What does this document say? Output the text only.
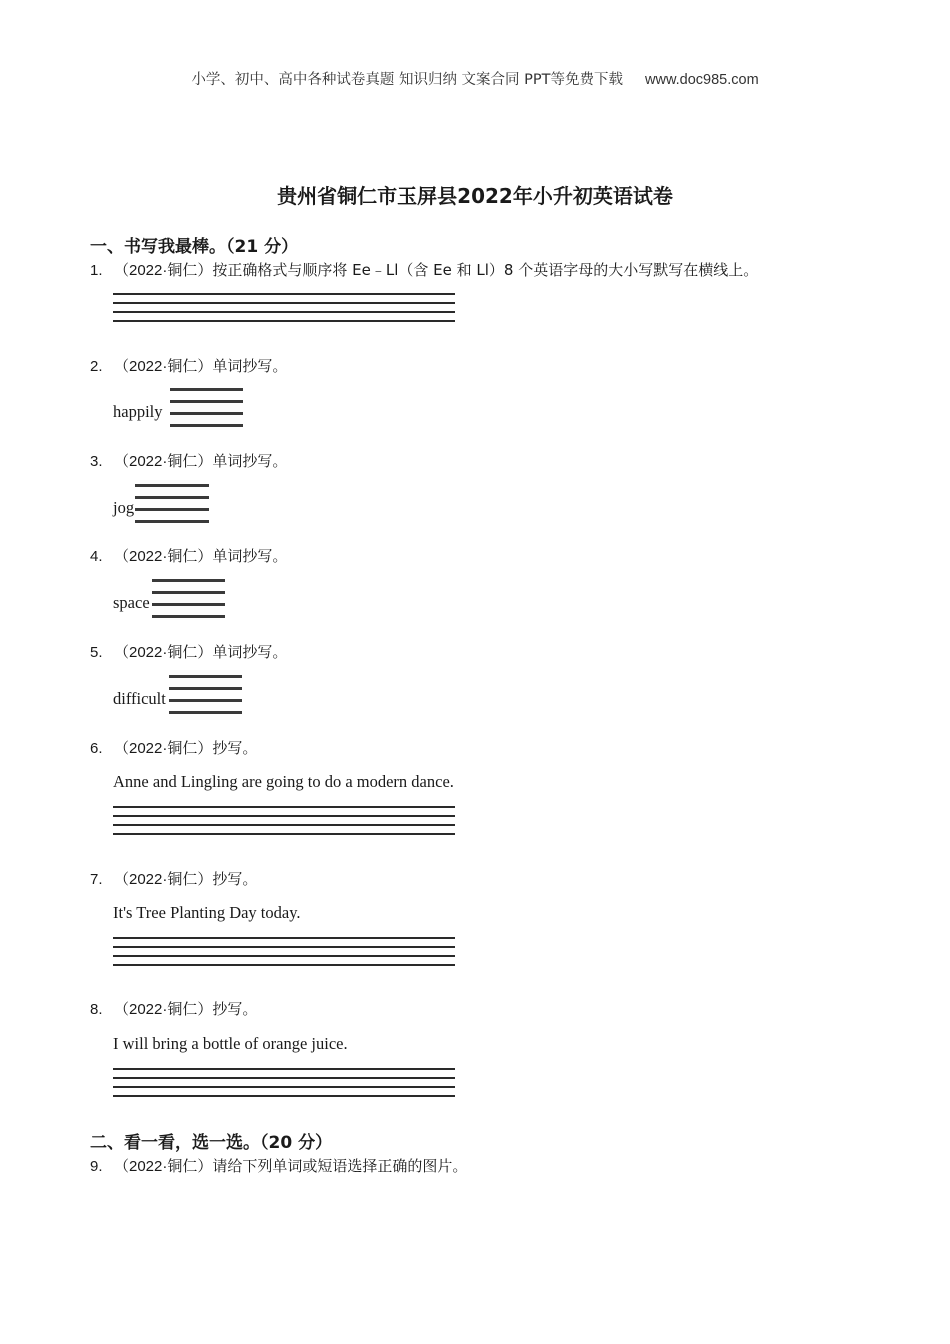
小学、初中、高中各种试卷真题 知识归纳 文案合同 PPT等免费下载 www.doc985.com
贵州省铜仁市玉屏县2022年小升初英语试卷
一、书写我最棒。（21 分）
1. （2022·铜仁）按正确格式与顺序将 Ee﹣Ll（含 Ee 和 Ll）8 个英语字母的大小写默写在横线上。
2. （2022·铜仁）单词抄写。
happily
3. （2022·铜仁）单词抄写。
jog
4. （2022·铜仁）单词抄写。
space
5. （2022·铜仁）单词抄写。
difficult
6. （2022·铜仁）抄写。
Anne and Lingling are going to do a modern dance.
7. （2022·铜仁）抄写。
It's Tree Planting Day today.
8. （2022·铜仁）抄写。
I will bring a bottle of orange juice.
二、看一看，选一选。（20 分）
9. （2022·铜仁）请给下列单词或短语选择正确的图片。
